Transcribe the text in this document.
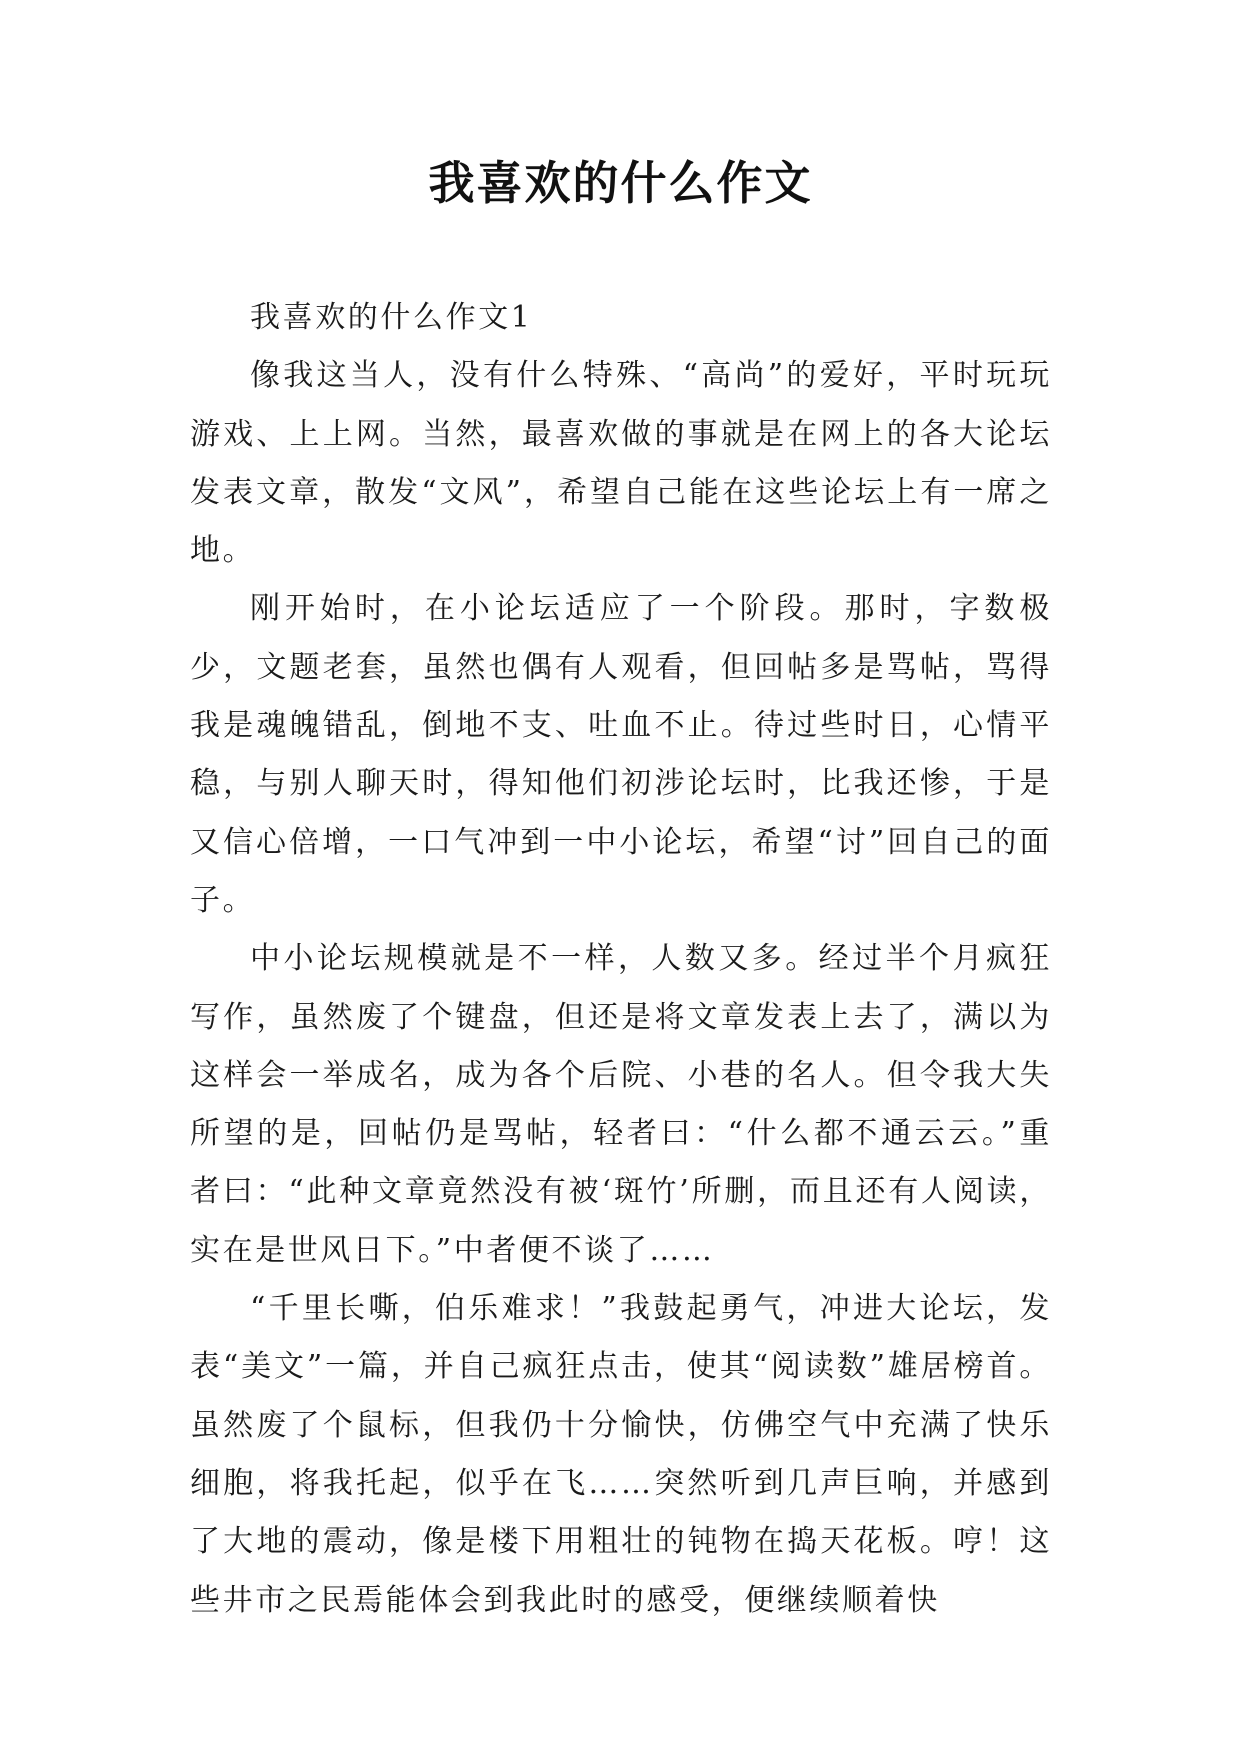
我喜欢的什么作文

我喜欢的什么作文1

像我这当人，没有什么特殊、“高尚”的爱好，平时玩玩游戏、上上网。当然，最喜欢做的事就是在网上的各大论坛发表文章，散发“文风”，希望自己能在这些论坛上有一席之地。

刚开始时，在小论坛适应了一个阶段。那时，字数极少，文题老套，虽然也偶有人观看，但回帖多是骂帖，骂得我是魂魄错乱，倒地不支、吐血不止。待过些时日，心情平稳，与别人聊天时，得知他们初涉论坛时，比我还惨，于是又信心倍增，一口气冲到一中小论坛，希望“讨”回自己的面子。

中小论坛规模就是不一样，人数又多。经过半个月疯狂写作，虽然废了个键盘，但还是将文章发表上去了，满以为这样会一举成名，成为各个后院、小巷的名人。但令我大失所望的是，回帖仍是骂帖，轻者曰：“什么都不通云云。”重者曰：“此种文章竟然没有被‘斑竹’所删，而且还有人阅读，实在是世风日下。”中者便不谈了……

“千里长嘶，伯乐难求！”我鼓起勇气，冲进大论坛，发表“美文”一篇，并自己疯狂点击，使其“阅读数”雄居榜首。虽然废了个鼠标，但我仍十分愉快，仿佛空气中充满了快乐细胞，将我托起，似乎在飞……突然听到几声巨响，并感到了大地的震动，像是楼下用粗壮的钝物在捣天花板。哼！这些井市之民焉能体会到我此时的感受，便继续顺着快
